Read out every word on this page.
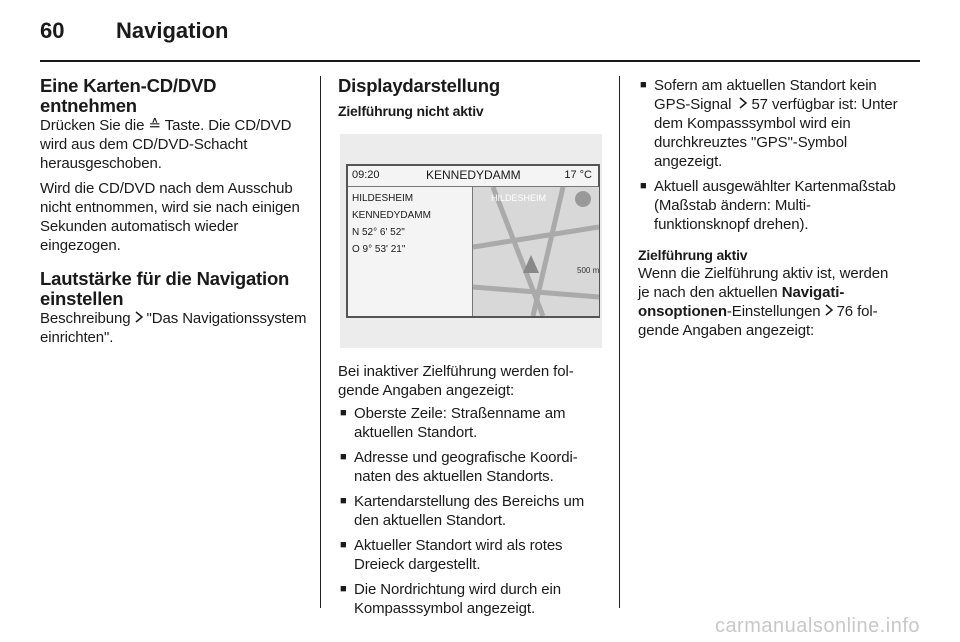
60	Navigation
Eine Karten-CD/DVD entnehmen

Drücken Sie die ≙ Taste. Die CD/DVD wird aus dem CD/DVD-Schacht herausgeschoben.

Wird die CD/DVD nach dem Ausschub nicht entnommen, wird sie nach einigen Sekunden automatisch wieder eingezogen.

Lautstärke für die Navigation einstellen

Beschreibung "Das Navigationssystem einrichten".

Displaydarstellung
Zielführung nicht aktiv
09:20	KENNEDYDAMM	17 °C
HILDESHEIM
KENNEDYDAMM
N 52° 6' 52"
O 9° 53' 21"
HILDESHEIM
500 m

Bei inaktiver Zielführung werden folgende Angaben angezeigt:

■ Oberste Zeile: Straßenname am aktuellen Standort.
■ Adresse und geografische Koordinaten des aktuellen Standorts.
■ Kartendarstellung des Bereichs um den aktuellen Standort.
■ Aktueller Standort wird als rotes Dreieck dargestellt.
■ Die Nordrichtung wird durch ein Kompasssymbol angezeigt.
■ Sofern am aktuellen Standort kein GPS-Signal 57 verfügbar ist: Unter dem Kompasssymbol wird ein durchkreuztes "GPS"-Symbol angezeigt.
■ Aktuell ausgewählter Kartenmaßstab (Maßstab ändern: Multifunktionsknopf drehen).
Zielführung aktiv

Wenn die Zielführung aktiv ist, werden je nach den aktuellen Navigationsoptionen-Einstellungen 76 folgende Angaben angezeigt:

carmanualsonline.info
